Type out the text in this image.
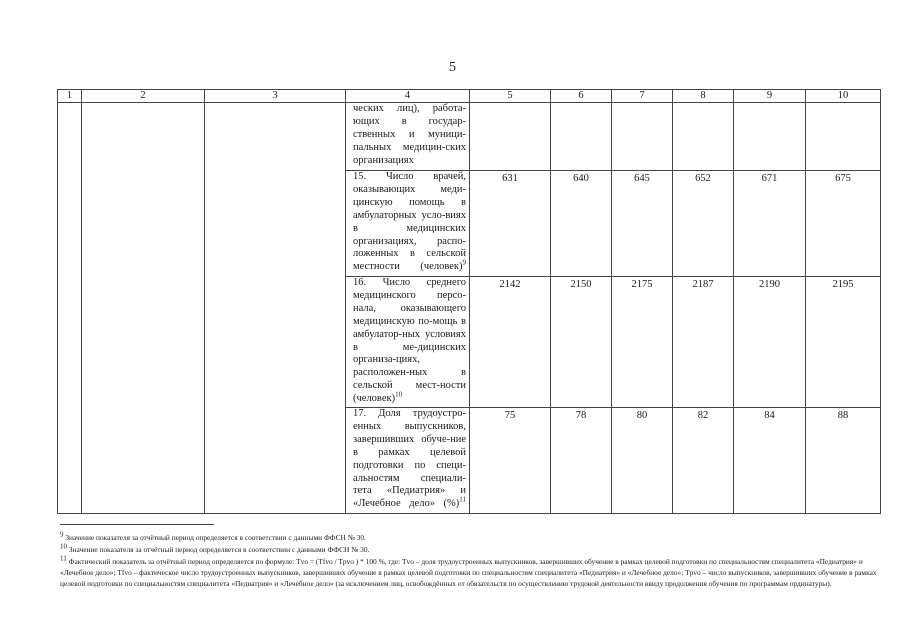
5
1	2	3	4	5	6	7	8	9	10
			ческих лиц), работа-ющих в государ-ственных и муници-пальных медицин-ских организациях						
			15. Число врачей, оказывающих меди-цинскую помощь в амбулаторных усло-виях в медицинских организациях, распо-ложенных в сельской местности (человек)$^9$	631	640	645	652	671	675
			16. Число среднего медицинского персо-нала, оказывающего медицинскую по-мощь в амбулатор-ных условиях в ме-дицинских организа-циях, расположен-ных в сельской мест-ности (человек)$^{10}$	2142	2150	2175	2187	2190	2195
			17. Доля трудоустро-енных выпускников, завершивших обуче-ние в рамках целевой подготовки по специ-альностям специали-тета «Педиатрия» и «Лечебное дело» (%)$^{11}$	75	78	80	82	84	88

$^9$ Значение показателя за отчётный период определяется в соответствии с данными ФФСН № 30.

$^{10}$ Значение показателя за отчётный период определяется в соответствии с данными ФФСН № 30.

$^{11}$ Фактический показатель за отчётный период определяется по формуле: Tvo = (Tfvo / Tpvo ) * 100 %, где: Tvo – доля трудоустроенных выпускников, завершивших обучение в рамках целевой подготовки по специальностям специалитета «Педиатрия» и «Лечебное дело»; Tfvo – фактическое число трудоустроенных выпускников, завершивших обучение в рамках целевой подготовки по специальностям специалитета «Педиатрия» и «Лечебное дело»; Tpvo – число выпускников, завершивших обучение в рамках целевой подготовки по специальностям специалитета «Педиатрия» и «Лечебное дело» (за исключением лиц, освобождённых от обязательств по осуществлению трудовой деятельности ввиду продолжения обучения по программам ординатуры).
